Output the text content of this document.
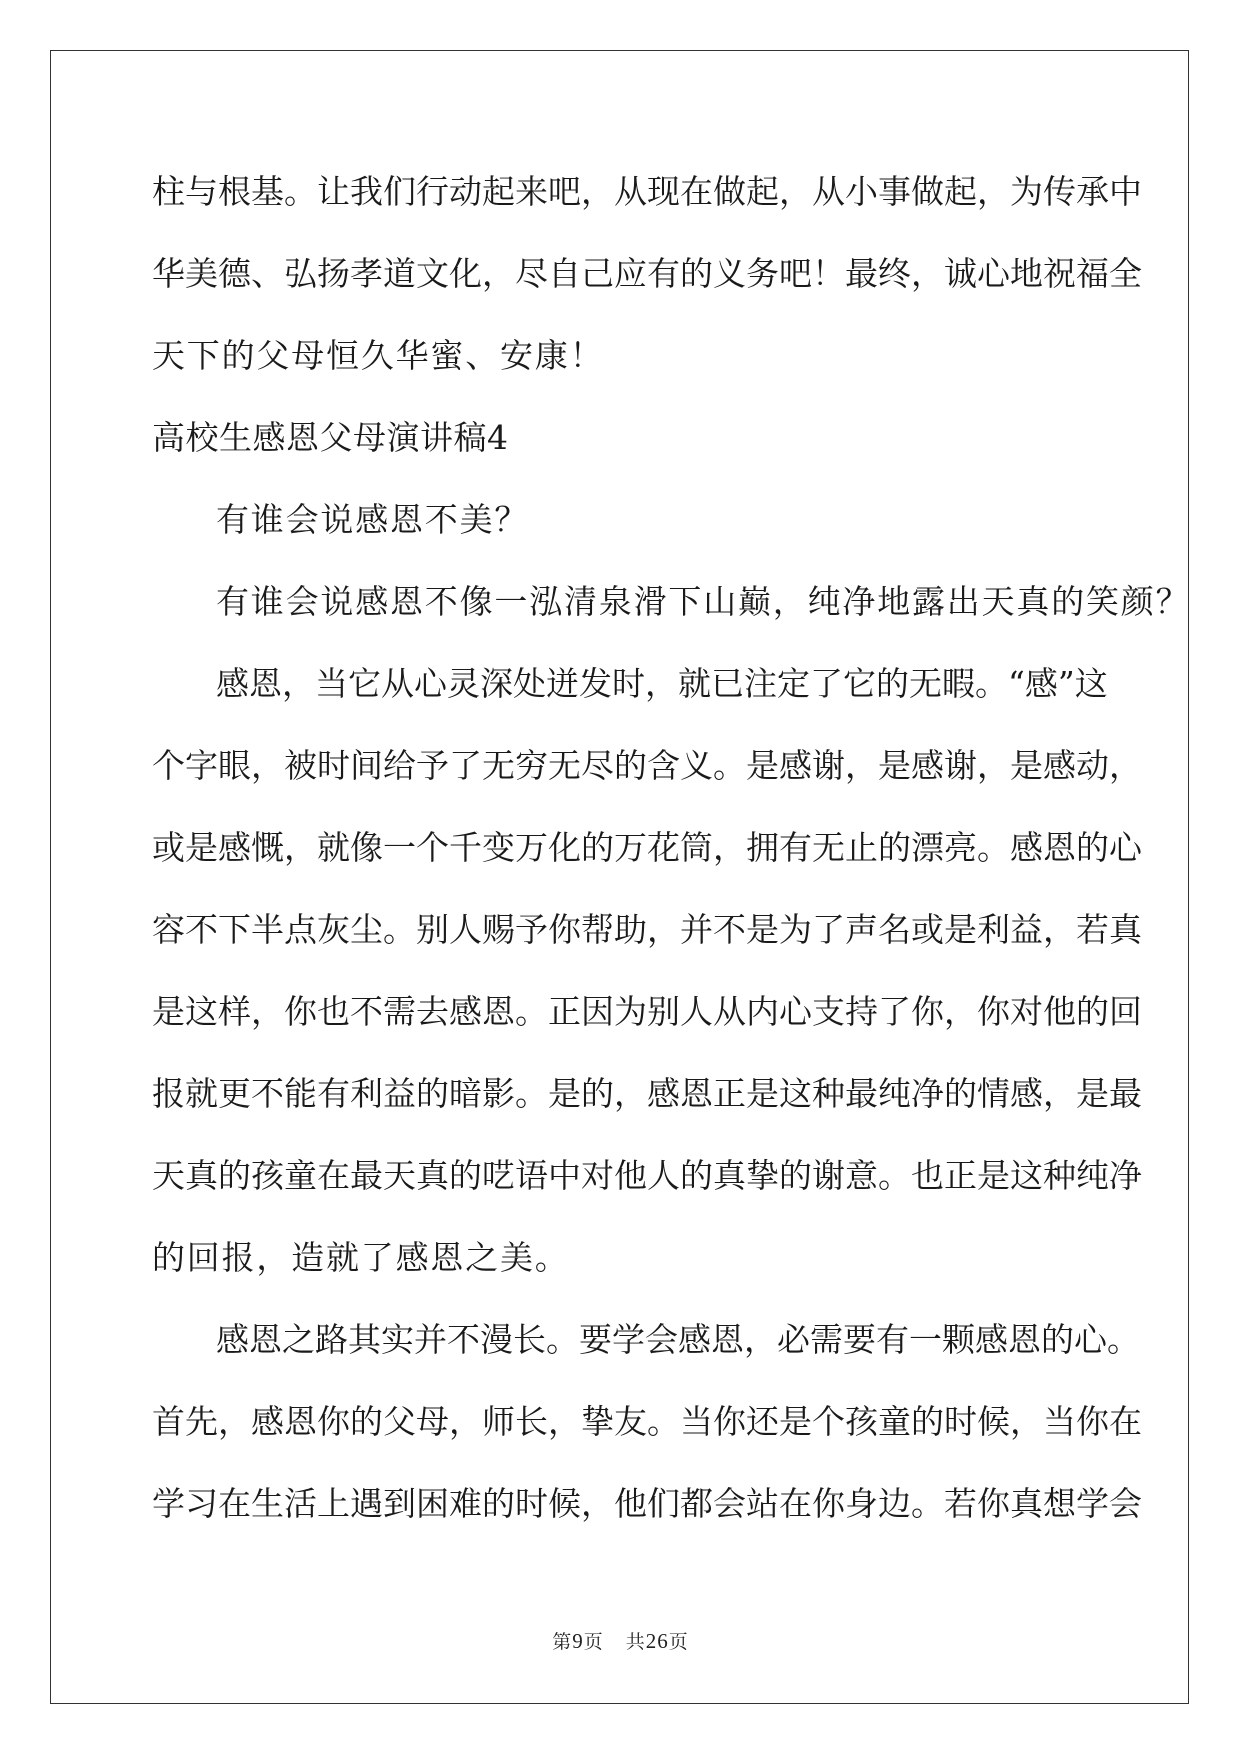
柱与根基。让我们行动起来吧，从现在做起，从小事做起，为传承中
华美德、弘扬孝道文化，尽自己应有的义务吧！最终，诚心地祝福全
天下的父母恒久华蜜、安康！
高校生感恩父母演讲稿4
有谁会说感恩不美？
有谁会说感恩不像一泓清泉滑下山巅，纯净地露出天真的笑颜？
感恩，当它从心灵深处迸发时，就已注定了它的无暇。“感”这
个字眼，被时间给予了无穷无尽的含义。是感谢，是感谢，是感动，
或是感慨，就像一个千变万化的万花筒，拥有无止的漂亮。感恩的心
容不下半点灰尘。别人赐予你帮助，并不是为了声名或是利益，若真
是这样，你也不需去感恩。正因为别人从内心支持了你，你对他的回
报就更不能有利益的暗影。是的，感恩正是这种最纯净的情感，是最
天真的孩童在最天真的呓语中对他人的真挚的谢意。也正是这种纯净
的回报，造就了感恩之美。
感恩之路其实并不漫长。要学会感恩，必需要有一颗感恩的心。
首先，感恩你的父母，师长，挚友。当你还是个孩童的时候，当你在
学习在生活上遇到困难的时候，他们都会站在你身边。若你真想学会
第9页 共26页
